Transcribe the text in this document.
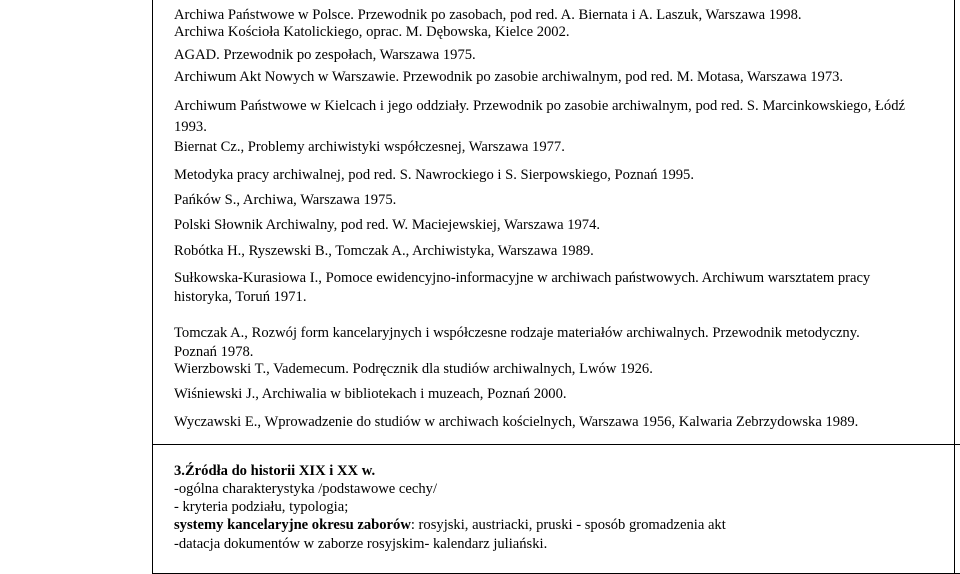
Archiwa Państwowe w Polsce. Przewodnik po zasobach, pod red. A. Biernata i A. Laszuk, Warszawa 1998.
Archiwa Kościoła Katolickiego, oprac. M. Dębowska, Kielce 2002.
AGAD. Przewodnik po zespołach, Warszawa 1975.
Archiwum Akt Nowych w Warszawie. Przewodnik po zasobie archiwalnym, pod red. M. Motasa, Warszawa 1973.
Archiwum Państwowe w Kielcach i jego oddziały. Przewodnik po zasobie archiwalnym, pod red. S. Marcinkowskiego, Łódź
1993.
Biernat Cz., Problemy archiwistyki współczesnej, Warszawa 1977.
Metodyka pracy archiwalnej, pod red. S. Nawrockiego i S. Sierpowskiego, Poznań 1995.
Pańków S., Archiwa, Warszawa 1975.
Polski Słownik Archiwalny, pod red. W. Maciejewskiej, Warszawa 1974.
Robótka H., Ryszewski B., Tomczak A., Archiwistyka, Warszawa 1989.
Sułkowska-Kurasiowa I., Pomoce ewidencyjno-informacyjne w archiwach państwowych. Archiwum warsztatem pracy
historyka, Toruń 1971.
Tomczak A., Rozwój form kancelaryjnych i współczesne rodzaje materiałów archiwalnych. Przewodnik metodyczny.
Poznań 1978.
Wierzbowski T., Vademecum. Podręcznik dla studiów archiwalnych, Lwów 1926.
Wiśniewski J., Archiwalia w bibliotekach i muzeach, Poznań 2000.
Wyczawski E., Wprowadzenie do studiów w archiwach kościelnych, Warszawa 1956, Kalwaria Zebrzydowska 1989.
3.Źródła do historii XIX i XX w.
-ogólna charakterystyka /podstawowe cechy/
- kryteria podziału, typologia;
systemy kancelaryjne okresu zaborów: rosyjski, austriacki, pruski - sposób gromadzenia akt
-datacja dokumentów w zaborze rosyjskim- kalendarz juliański.
